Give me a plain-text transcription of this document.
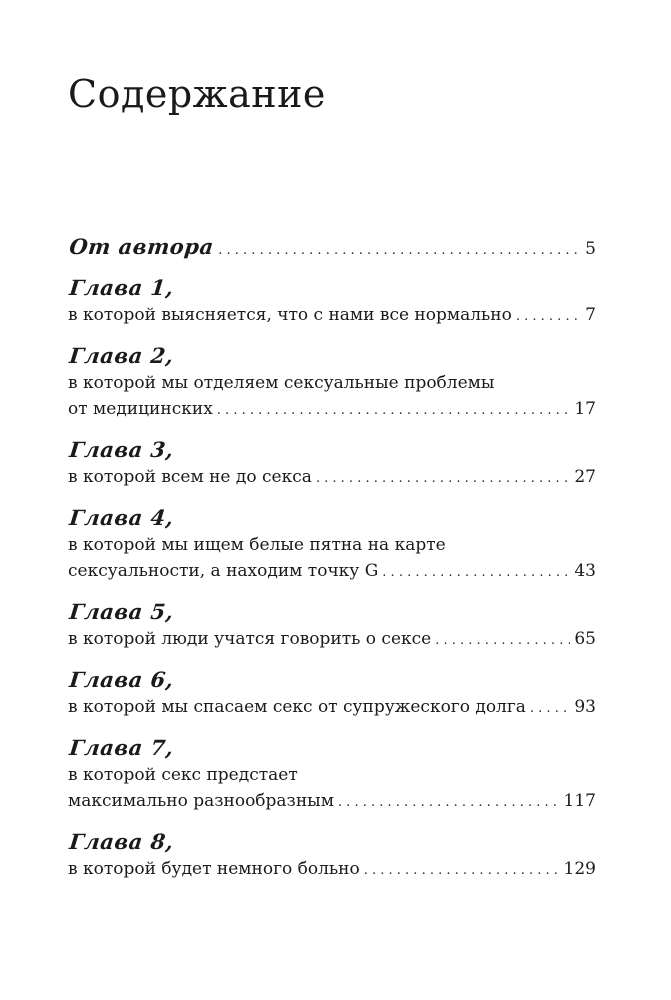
Содержание
От автора . . .	5
Глава 1,
в которой выясняется, что с нами все нормально . . .	7
Глава 2,
в которой мы отделяем сексуальные проблемы
от медицинских . . .	17
Глава 3,
в которой всем не до секса . . .	27
Глава 4,
в которой мы ищем белые пятна на карте
сексуальности, а находим точку G . . .	43
Глава 5,
в которой люди учатся говорить о сексе . . .	65
Глава 6,
в которой мы спасаем секс от супружеского долга . . .	93
Глава 7,
в которой секс предстает
максимально разнообразным . . .	117
Глава 8,
в которой будет немного больно . . .	129
